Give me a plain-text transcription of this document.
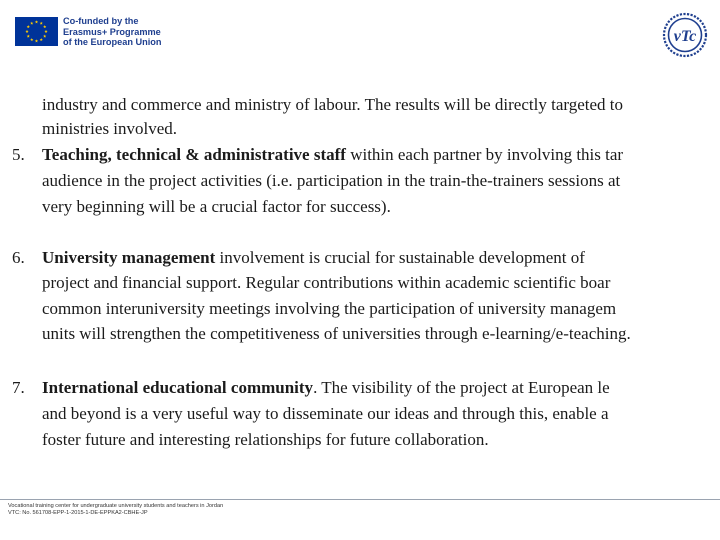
Co-funded by the
Erasmus+ Programme
of the European Union	vTc
industry and commerce and ministry of labour. The results will be directly targeted to
ministries involved.
5. Teaching, technical & administrative staff within each partner by involving this tar
audience in the project activities (i.e. participation in the train-the-trainers sessions at
very beginning will be a crucial factor for success).
6. University management involvement is crucial for sustainable development of
project and financial support. Regular contributions within academic scientific boar
common interuniversity meetings involving the participation of university managem
units will strengthen the competitiveness of universities through e-learning/e-teaching.
7. International educational community. The visibility of the project at European le
and beyond is a very useful way to disseminate our ideas and through this, enable a
foster future and interesting relationships for future collaboration.
Vocational training center for undergraduate university students and teachers in Jordan
VTC: No. 561708-EPP-1-2015-1-DE-EPPKA2-CBHE-JP
